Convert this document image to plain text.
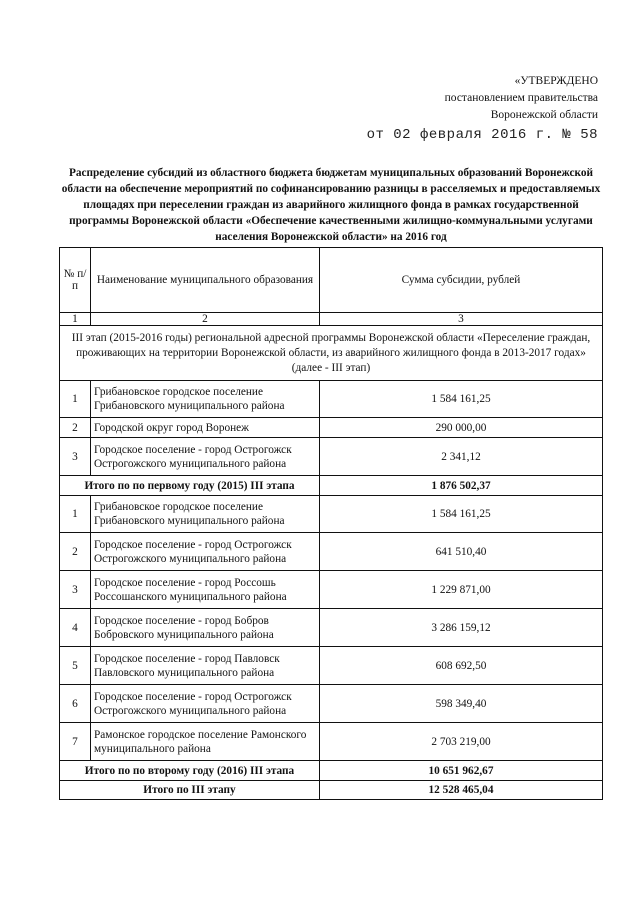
«УТВЕРЖДЕНО
постановлением правительства
Воронежской области
от 02 февраля 2016 г. № 58
Распределение субсидий из областного бюджета бюджетам муниципальных образований Воронежской области на обеспечение мероприятий по софинансированию разницы в расселяемых и предоставляемых площадях при переселении граждан из аварийного жилищного фонда в рамках государственной программы Воронежской области «Обеспечение качественными жилищно-коммунальными услугами населения Воронежской области» на 2016 год
№ п/п	Наименование муниципального образования	Сумма субсидии, рублей
1	2	3
III этап (2015-2016 годы) региональной адресной программы Воронежской области «Переселение граждан, проживающих на территории Воронежской области, из аварийного жилищного фонда в 2013-2017 годах» (далее - III этап)		
1	Грибановское городское поселение Грибановского муниципального района	1 584 161,25
2	Городской округ город Воронеж	290 000,00
3	Городское поселение - город Острогожск Острогожского муниципального района	2 341,12
Итого по по первому году (2015) III этапа		1 876 502,37
1	Грибановское городское поселение Грибановского муниципального района	1 584 161,25
2	Городское поселение - город Острогожск Острогожского муниципального района	641 510,40
3	Городское поселение - город Россошь Россошанского муниципального района	1 229 871,00
4	Городское поселение - город Бобров Бобровского муниципального района	3 286 159,12
5	Городское поселение - город Павловск Павловского муниципального района	608 692,50
6	Городское поселение - город Острогожск Острогожского муниципального района	598 349,40
7	Рамонское городское поселение Рамонского муниципального района	2 703 219,00
Итого по по второму году (2016) III этапа		10 651 962,67
Итого по III этапу		12 528 465,04
